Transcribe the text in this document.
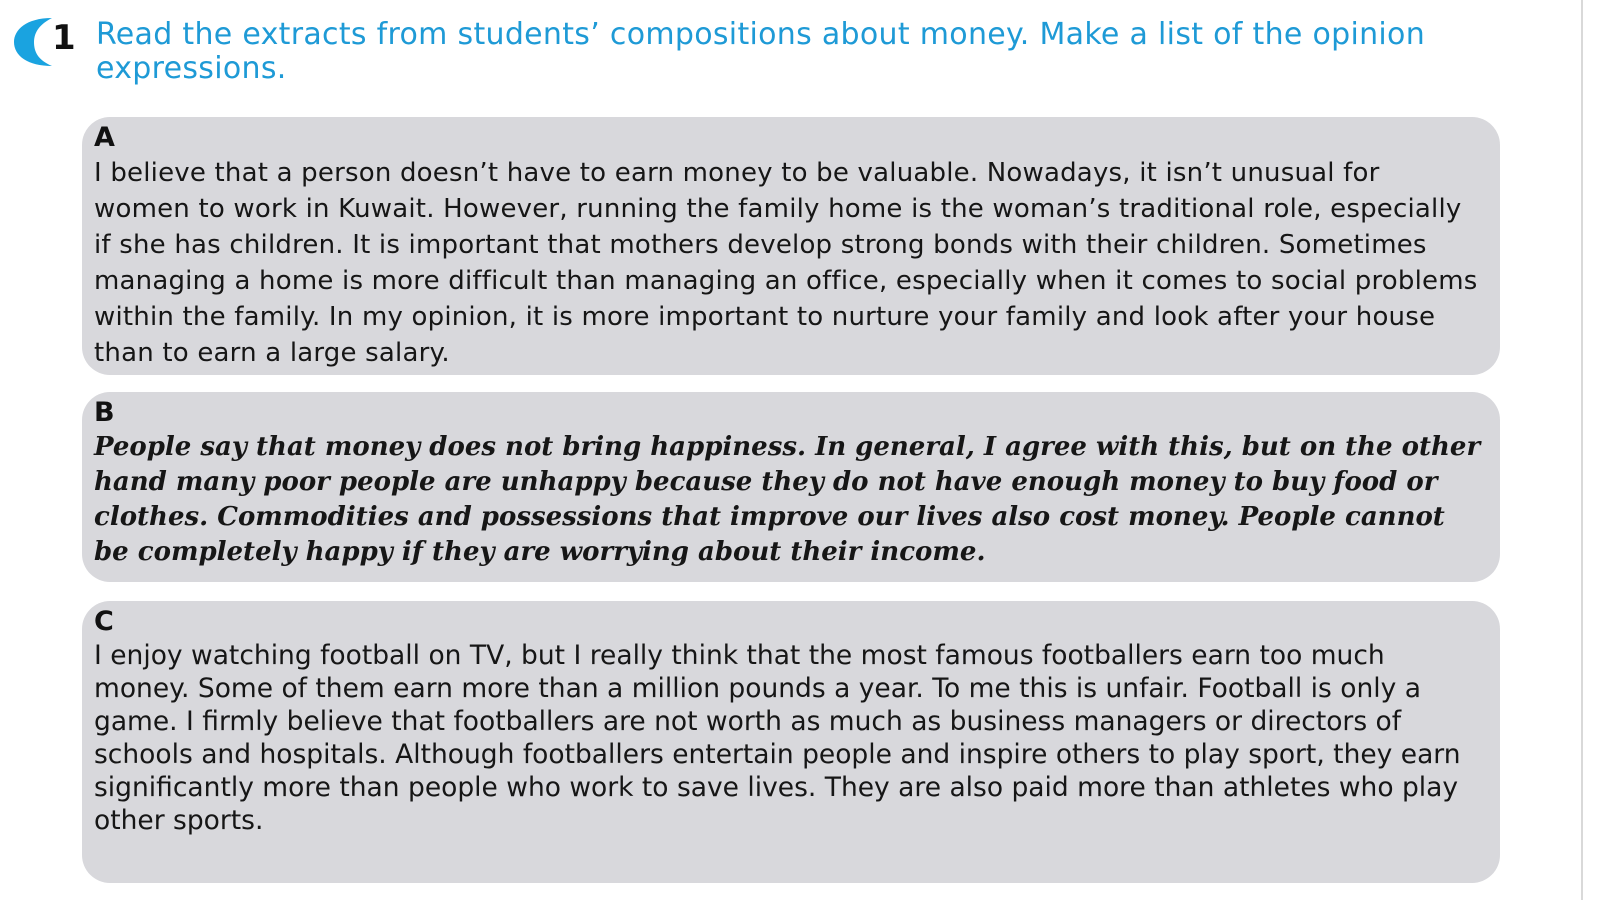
1 Read the extracts from students’ compositions about money. Make a list of the opinion expressions.
A
I believe that a person doesn’t have to earn money to be valuable. Nowadays, it isn’t unusual for women to work in Kuwait. However, running the family home is the woman’s traditional role, especially if she has children. It is important that mothers develop strong bonds with their children. Sometimes managing a home is more difficult than managing an office, especially when it comes to social problems within the family. In my opinion, it is more important to nurture your family and look after your house than to earn a large salary.
B
People say that money does not bring happiness. In general, I agree with this, but on the other hand many poor people are unhappy because they do not have enough money to buy food or clothes. Commodities and possessions that improve our lives also cost money. People cannot be completely happy if they are worrying about their income.
C
I enjoy watching football on TV, but I really think that the most famous footballers earn too much money. Some of them earn more than a million pounds a year. To me this is unfair. Football is only a game. I firmly believe that footballers are not worth as much as business managers or directors of schools and hospitals. Although footballers entertain people and inspire others to play sport, they earn significantly more than people who work to save lives. They are also paid more than athletes who play other sports.
